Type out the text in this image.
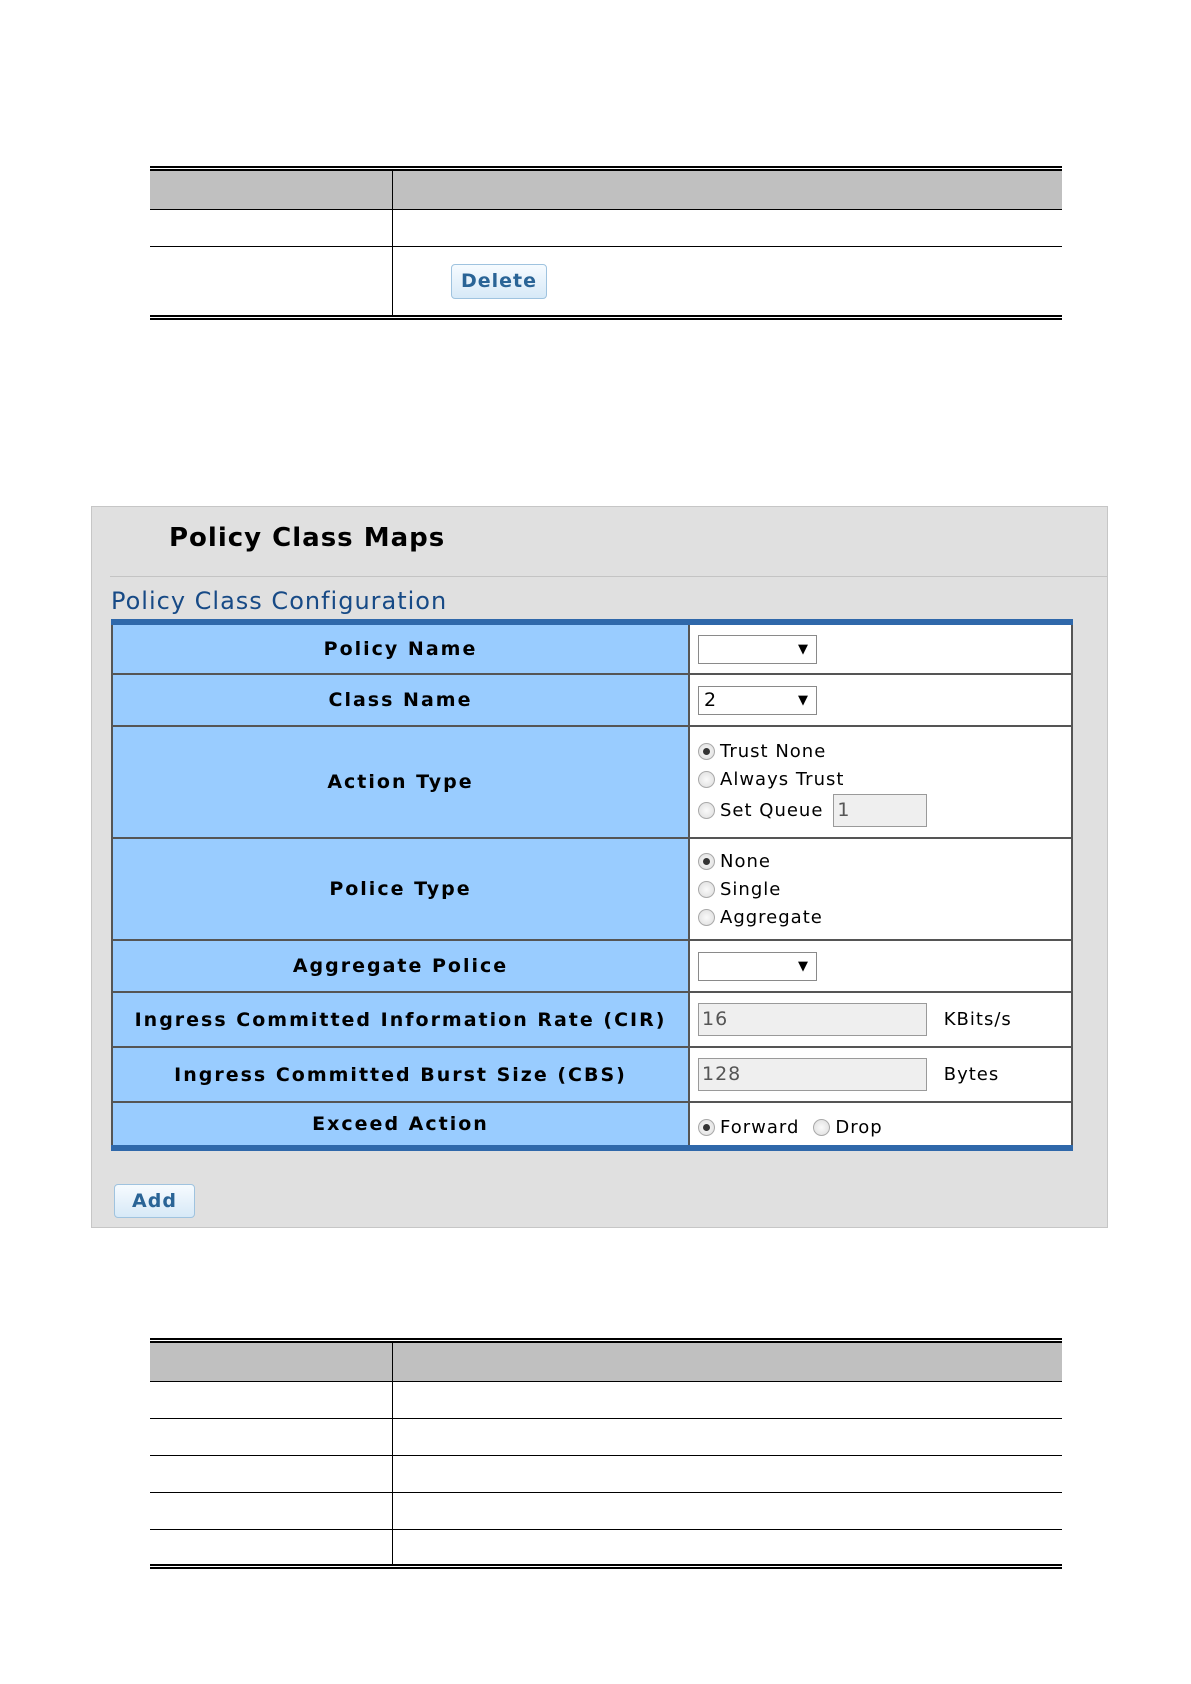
	Delete
Policy Class Maps
Policy Class Configuration
Policy Name	▼

Class Name	2 ▼

Action Type	Trust None
Always Trust
Set Queue 1

Police Type	None
Single
Aggregate

Aggregate Police	▼

Ingress Committed Information Rate (CIR)	16 KBits/s
Ingress Committed Burst Size (CBS)	128 Bytes
Exceed Action	Forward Drop
Add
